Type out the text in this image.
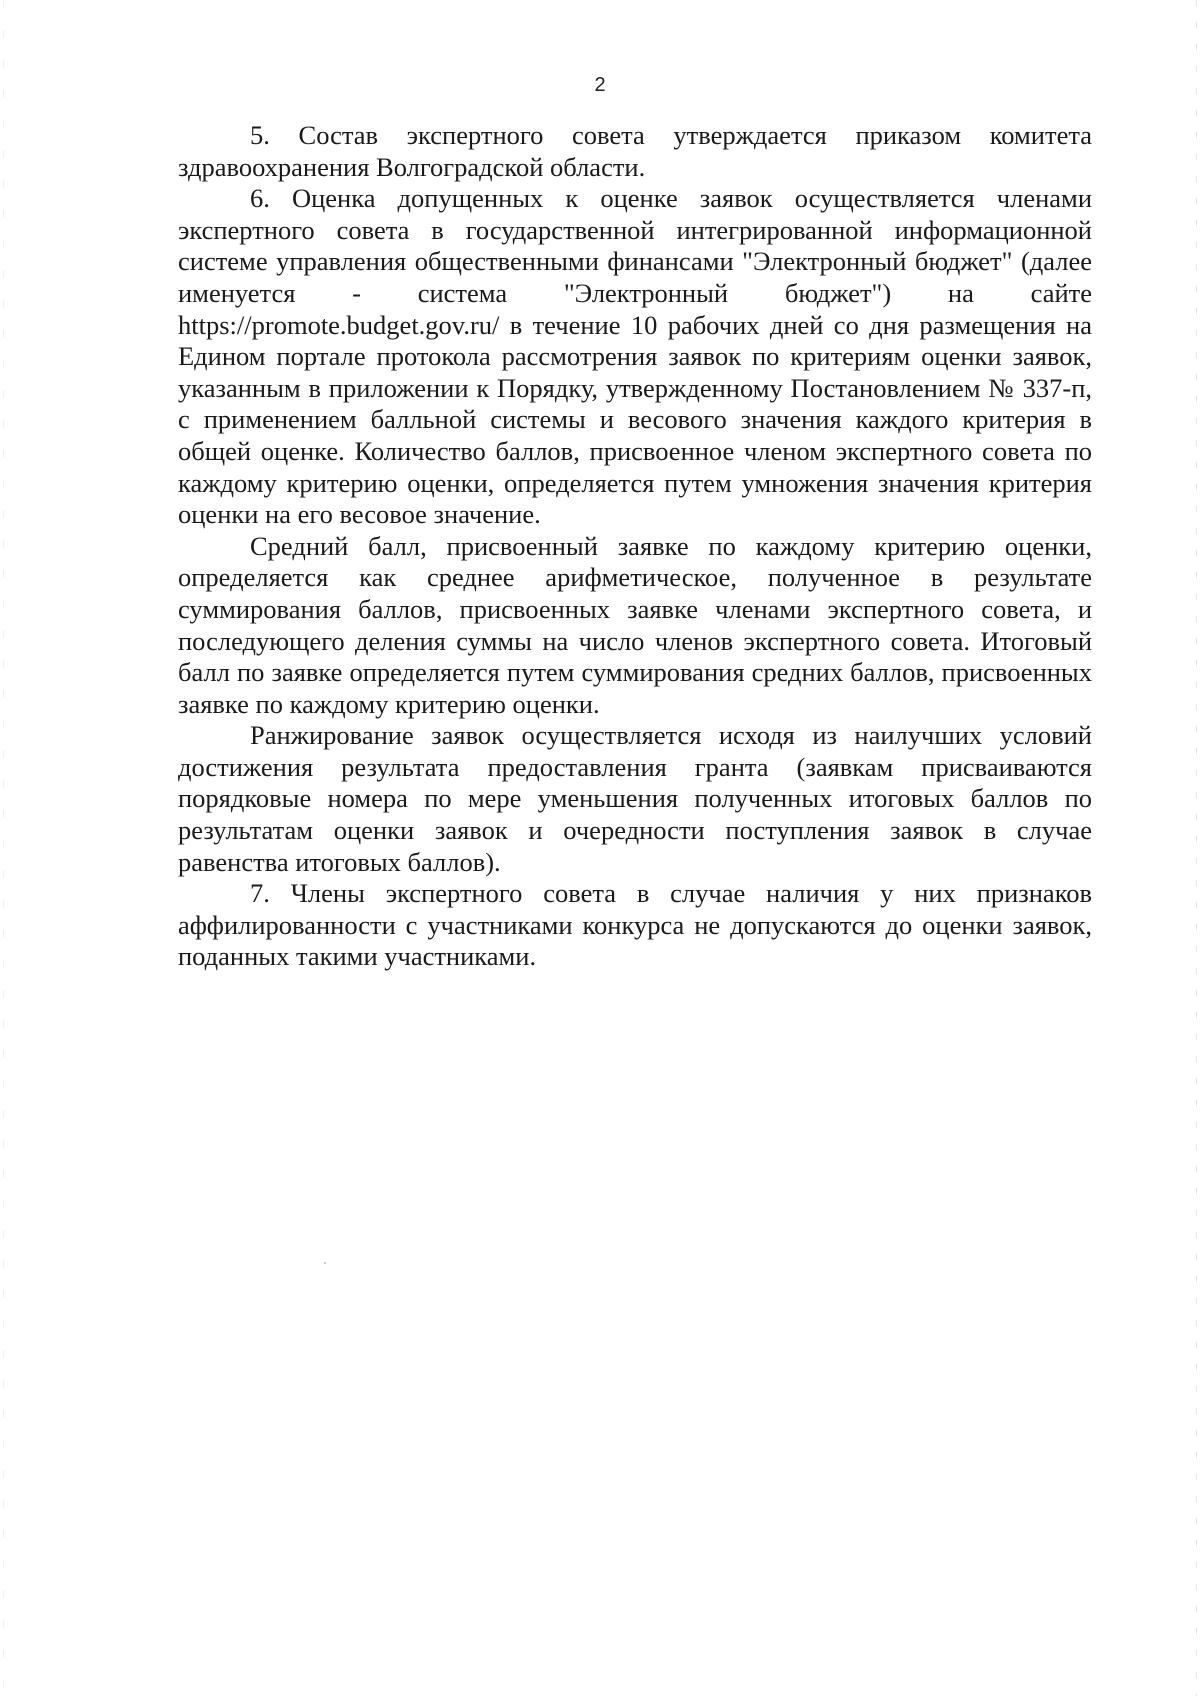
2

5. Состав экспертного совета утверждается приказом комитета здравоохранения Волгоградской области.

6. Оценка допущенных к оценке заявок осуществляется членами экспертного совета в государственной интегрированной информационной системе управления общественными финансами "Электронный бюджет" (далее именуется - система "Электронный бюджет") на сайте https://promote.budget.gov.ru/ в течение 10 рабочих дней со дня размещения на Едином портале протокола рассмотрения заявок по критериям оценки заявок, указанным в приложении к Порядку, утвержденному Постановлением № 337-п, с применением балльной системы и весового значения каждого критерия в общей оценке. Количество баллов, присвоенное членом экспертного совета по каждому критерию оценки, определяется путем умножения значения критерия оценки на его весовое значение.

Средний балл, присвоенный заявке по каждому критерию оценки, определяется как среднее арифметическое, полученное в результате суммирования баллов, присвоенных заявке членами экспертного совета, и последующего деления суммы на число членов экспертного совета. Итоговый балл по заявке определяется путем суммирования средних баллов, присвоенных заявке по каждому критерию оценки.

Ранжирование заявок осуществляется исходя из наилучших условий достижения результата предоставления гранта (заявкам присваиваются порядковые номера по мере уменьшения полученных итоговых баллов по результатам оценки заявок и очередности поступления заявок в случае равенства итоговых баллов).

7. Члены экспертного совета в случае наличия у них признаков аффилированности с участниками конкурса не допускаются до оценки заявок, поданных такими участниками.
